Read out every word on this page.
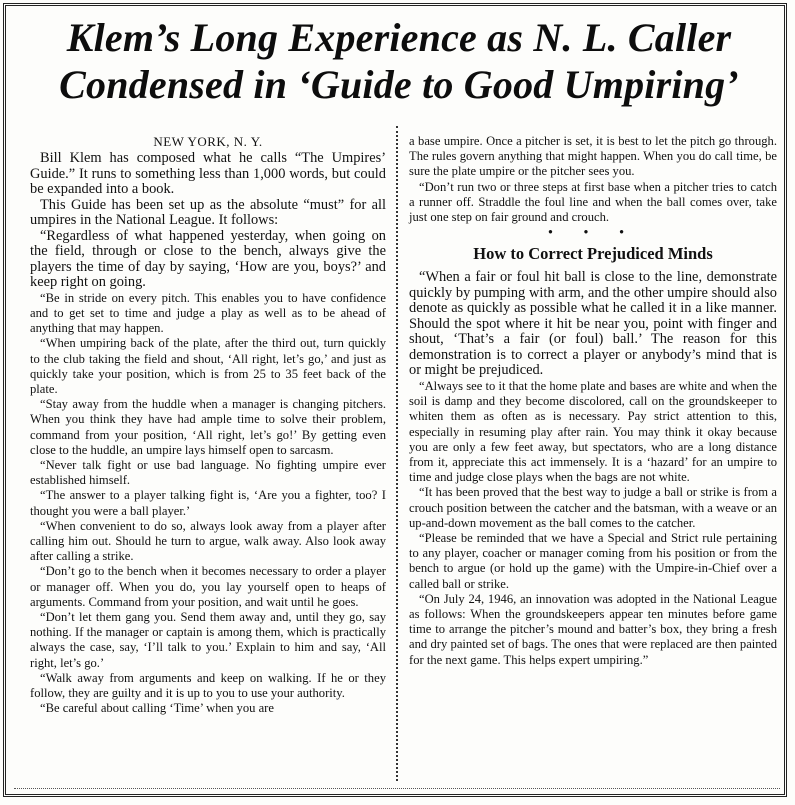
Klem’s Long Experience as N. L. Caller
Condensed in ‘Guide to Good Umpiring’

NEW YORK, N. Y.

Bill Klem has composed what he calls “The Umpires’ Guide.” It runs to something less than 1,000 words, but could be expanded into a book.

This Guide has been set up as the absolute “must” for all umpires in the National League. It follows:

“Regardless of what happened yesterday, when going on the field, through or close to the bench, always give the players the time of day by saying, ‘How are you, boys?’ and keep right on going.

“Be in stride on every pitch. This enables you to have confidence and to get set to time and judge a play as well as to be ahead of anything that may happen.

“When umpiring back of the plate, after the third out, turn quickly to the club taking the field and shout, ‘All right, let’s go,’ and just as quickly take your position, which is from 25 to 35 feet back of the plate.

“Stay away from the huddle when a manager is changing pitchers. When you think they have had ample time to solve their problem, command from your position, ‘All right, let’s go!’ By getting even close to the huddle, an umpire lays himself open to sarcasm.

“Never talk fight or use bad language. No fighting umpire ever established himself.

“The answer to a player talking fight is, ‘Are you a fighter, too? I thought you were a ball player.’

“When convenient to do so, always look away from a player after calling him out. Should he turn to argue, walk away. Also look away after calling a strike.

“Don’t go to the bench when it becomes necessary to order a player or manager off. When you do, you lay yourself open to heaps of arguments. Command from your position, and wait until he goes.

“Don’t let them gang you. Send them away and, until they go, say nothing. If the manager or captain is among them, which is practically always the case, say, ‘I’ll talk to you.’ Explain to him and say, ‘All right, let’s go.’

“Walk away from arguments and keep on walking. If he or they follow, they are guilty and it is up to you to use your authority.

“Be careful about calling ‘Time’ when you are

a base umpire. Once a pitcher is set, it is best to let the pitch go through. The rules govern anything that might happen. When you do call time, be sure the plate umpire or the pitcher sees you.

“Don’t run two or three steps at first base when a pitcher tries to catch a runner off. Straddle the foul line and when the ball comes over, take just one step on fair ground and crouch.

• • •

How to Correct Prejudiced Minds

“When a fair or foul hit ball is close to the line, demonstrate quickly by pumping with arm, and the other umpire should also denote as quickly as possible what he called it in a like manner. Should the spot where it hit be near you, point with finger and shout, ‘That’s a fair (or foul) ball.’ The reason for this demonstration is to correct a player or anybody’s mind that is or might be prejudiced.

“Always see to it that the home plate and bases are white and when the soil is damp and they become discolored, call on the groundskeeper to whiten them as often as is necessary. Pay strict attention to this, especially in resuming play after rain. You may think it okay because you are only a few feet away, but spectators, who are a long distance from it, appreciate this act immensely. It is a ‘hazard’ for an umpire to time and judge close plays when the bags are not white.

“It has been proved that the best way to judge a ball or strike is from a crouch position between the catcher and the batsman, with a weave or an up-and-down movement as the ball comes to the catcher.

“Please be reminded that we have a Special and Strict rule pertaining to any player, coacher or manager coming from his position or from the bench to argue (or hold up the game) with the Umpire-in-Chief over a called ball or strike.

“On July 24, 1946, an innovation was adopted in the National League as follows: When the groundskeepers appear ten minutes before game time to arrange the pitcher’s mound and batter’s box, they bring a fresh and dry painted set of bags. The ones that were replaced are then painted for the next game. This helps expert umpiring.”
